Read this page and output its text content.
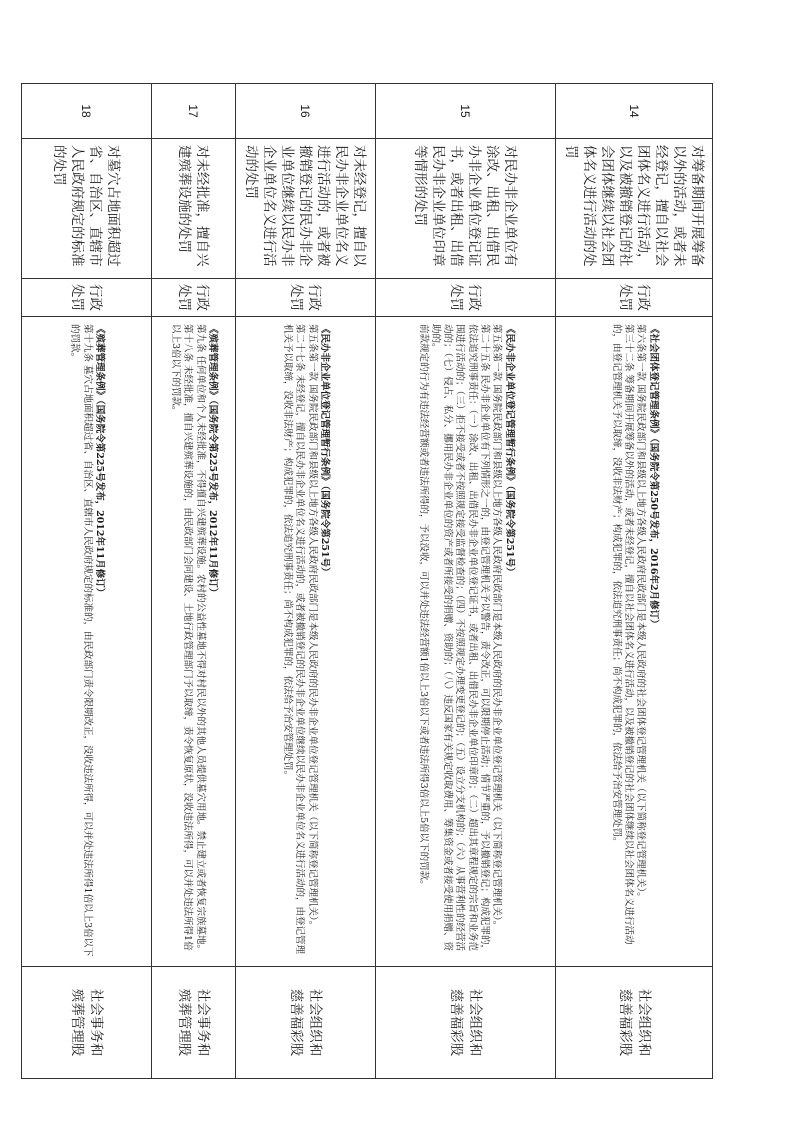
14	对筹备期间开展筹备以外的活动，或者未经登记，擅自以社会团体名义进行活动，以及被撤销登记的社会团体继续以社会团体名义进行活动的处罚	行政
处罚	《社会团体登记管理条例》（国务院令第250号发布，2016年2月修订）
第六条第一款 国务院民政部门和县级以上地方各级人民政府民政部门是本级人民政府的社会团体登记管理机关（以下简称登记管理机关）。
第三十二条 筹备期间开展筹备以外的活动，或者未经登记，擅自以社会团体名义进行活动，以及被撤销登记的社会团体继续以社会团体名义进行活动的，由登记管理机关予以取缔，没收非法财产；构成犯罪的，依法追究刑事责任；尚不构成犯罪的，依法给予治安管理处罚。	社会组织和
慈善福彩股

15	对民办非企业单位有涂改、出租、出借民办非企业单位登记证书，或者出租、出借民办非企业单位印章等情形的处罚	行政
处罚	《民办非企业单位登记管理暂行条例》（国务院令第251号）
第五条第一款 国务院民政部门和县级以上地方各级人民政府民政部门是本级人民政府的民办非企业单位登记管理机关（以下简称登记管理机关）。
第二十五条 民办非企业单位有下列情形之一的，由登记管理机关予以警告，责令改正，可以限期停止活动；情节严重的，予以撤销登记；构成犯罪的，依法追究刑事责任：（一）涂改、出租、出借民办非企业单位登记证书，或者出租、出借民办非企业单位印章的；（二）超出其章程规定的宗旨和业务范围进行活动的；（三）拒不接受或者不按照规定接受监督检查的；（四）不按照规定办理变更登记的；（五）设立分支机构的；（六）从事营利性的经营活动的；（七）侵占、私分、挪用民办非企业单位的资产或者所接受的捐赠、资助的；（八）违反国家有关规定收取费用、筹集资金或者接受使用捐赠、资助的。
前款规定的行为有违法经营额或者违法所得的，予以没收，可以并处违法经营额1倍以上3倍以下或者违法所得3倍以上5倍以下的罚款。	社会组织和
慈善福彩股

16	对未经登记，擅自以民办非企业单位名义进行活动的，或者被撤销登记的民办非企业单位继续以民办非企业单位名义进行活动的处罚	行政
处罚	《民办非企业单位登记管理暂行条例》（国务院令第251号）
第五条第一款 国务院民政部门和县级以上地方各级人民政府民政部门是本级人民政府的民办非企业单位登记管理机关（以下简称登记管理机关）。
第二十七条 未经登记，擅自以民办非企业单位名义进行活动的，或者被撤销登记的民办非企业单位继续以民办非企业单位名义进行活动的，由登记管理机关予以取缔，没收非法财产；构成犯罪的，依法追究刑事责任；尚不构成犯罪的，依法给予治安管理处罚。	社会组织和
慈善福彩股

17	对未经批准，擅自兴建殡葬设施的处罚	行政
处罚	《殡葬管理条例》（国务院令第225号发布，2012年11月修订）
第九条 任何单位和个人未经批准，不得擅自兴建殡葬设施。农村的公益性墓地不得对村民以外的其他人员提供墓穴用地。禁止建立或者恢复宗族墓地。
第十八条 未经批准，擅自兴建殡葬设施的，由民政部门会同建设、土地行政管理部门予以取缔，责令恢复原状，没收违法所得，可以并处违法所得1倍以上3倍以下的罚款。	社会事务和
殡葬管理股

18	对墓穴占地面积超过省、自治区、直辖市人民政府规定的标准的处罚	行政
处罚	《殡葬管理条例》（国务院令第225号发布，2012年11月修订）
第十九条 墓穴占地面积超过省、自治区、直辖市人民政府规定的标准的，由民政部门责令限期改正，没收违法所得，可以并处违法所得1倍以上3倍以下的罚款。	社会事务和
殡葬管理股
